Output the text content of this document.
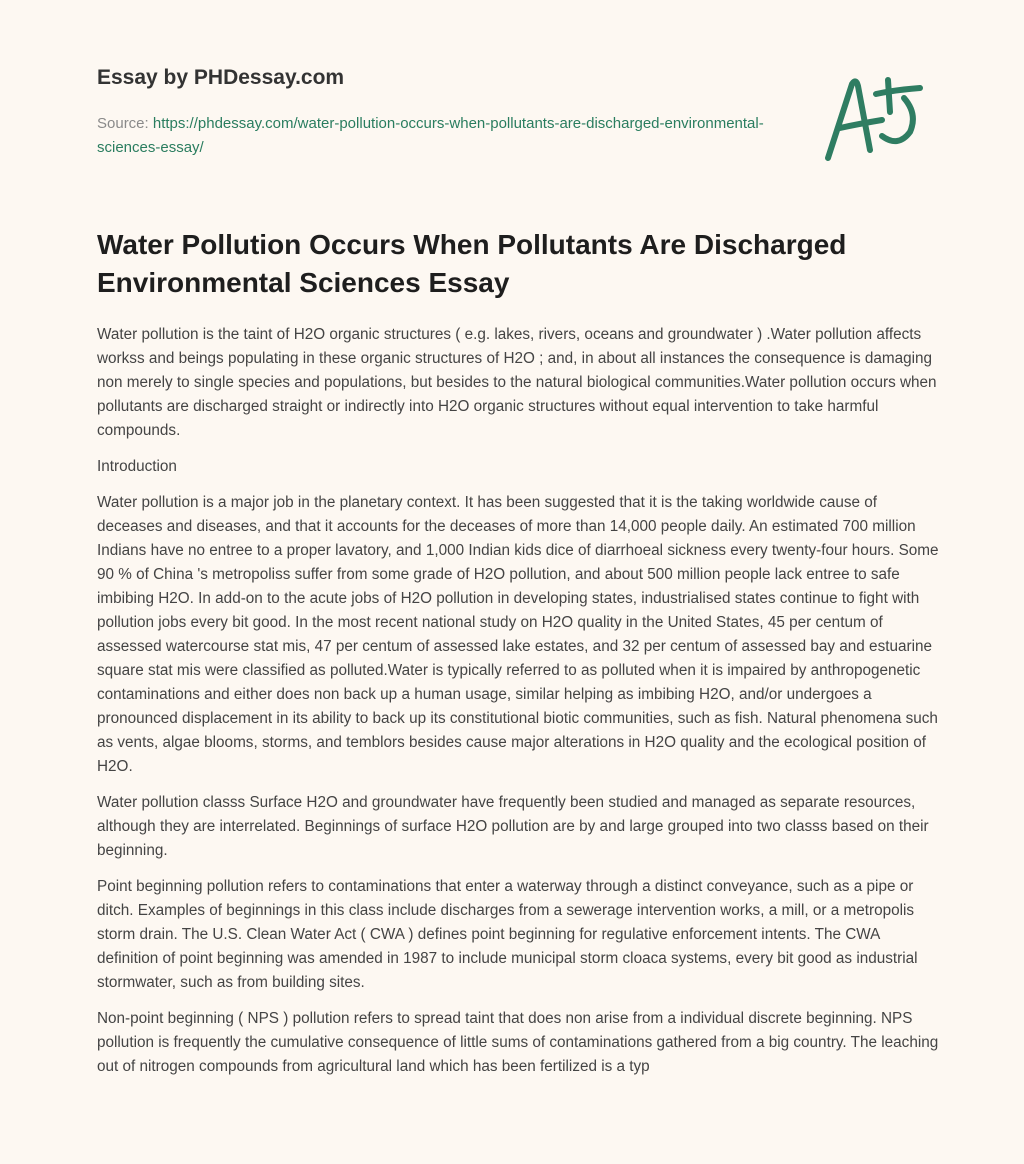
Essay by PHDessay.com
Source: https://phdessay.com/water-pollution-occurs-when-pollutants-are-discharged-environmental-sciences-essay/
Water Pollution Occurs When Pollutants Are Discharged Environmental Sciences Essay

Water pollution is the taint of H2O organic structures ( e.g. lakes, rivers, oceans and groundwater ) .Water pollution affects workss and beings populating in these organic structures of H2O ; and, in about all instances the consequence is damaging non merely to single species and populations, but besides to the natural biological communities.Water pollution occurs when pollutants are discharged straight or indirectly into H2O organic structures without equal intervention to take harmful compounds.

Introduction

Water pollution is a major job in the planetary context. It has been suggested that it is the taking worldwide cause of deceases and diseases, and that it accounts for the deceases of more than 14,000 people daily. An estimated 700 million Indians have no entree to a proper lavatory, and 1,000 Indian kids dice of diarrhoeal sickness every twenty-four hours. Some 90 % of China 's metropoliss suffer from some grade of H2O pollution, and about 500 million people lack entree to safe imbibing H2O. In add-on to the acute jobs of H2O pollution in developing states, industrialised states continue to fight with pollution jobs every bit good. In the most recent national study on H2O quality in the United States, 45 per centum of assessed watercourse stat mis, 47 per centum of assessed lake estates, and 32 per centum of assessed bay and estuarine square stat mis were classified as polluted.Water is typically referred to as polluted when it is impaired by anthropogenetic contaminations and either does non back up a human usage, similar helping as imbibing H2O, and/or undergoes a pronounced displacement in its ability to back up its constitutional biotic communities, such as fish. Natural phenomena such as vents, algae blooms, storms, and temblors besides cause major alterations in H2O quality and the ecological position of H2O.

Water pollution classs Surface H2O and groundwater have frequently been studied and managed as separate resources, although they are interrelated. Beginnings of surface H2O pollution are by and large grouped into two classs based on their beginning.

Point beginning pollution refers to contaminations that enter a waterway through a distinct conveyance, such as a pipe or ditch. Examples of beginnings in this class include discharges from a sewerage intervention works, a mill, or a metropolis storm drain. The U.S. Clean Water Act ( CWA ) defines point beginning for regulative enforcement intents. The CWA definition of point beginning was amended in 1987 to include municipal storm cloaca systems, every bit good as industrial stormwater, such as from building sites.

Non-point beginning ( NPS ) pollution refers to spread taint that does non arise from a individual discrete beginning. NPS pollution is frequently the cumulative consequence of little sums of contaminations gathered from a big country. The leaching out of nitrogen compounds from agricultural land which has been fertilized is a typ
